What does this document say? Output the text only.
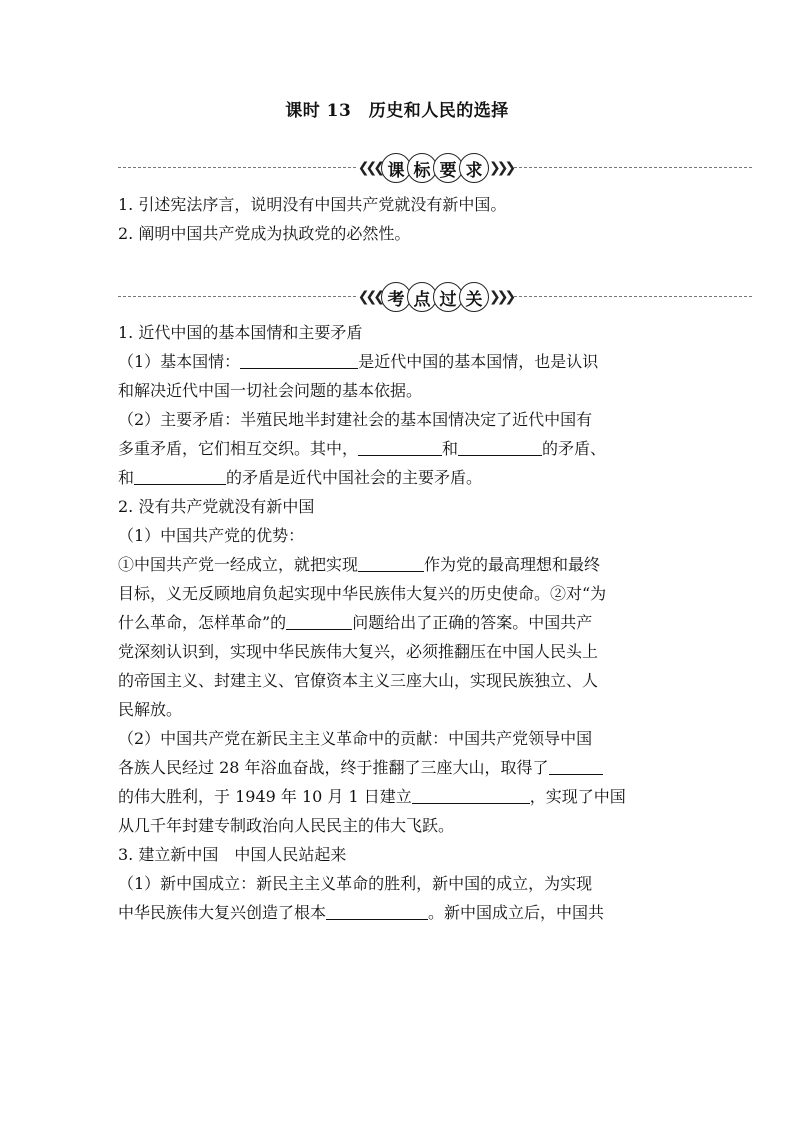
课时 13　历史和人民的选择
❮❮❮ 课 标 要 求 ❯❯❯

1. 引述宪法序言，说明没有中国共产党就没有新中国。

2. 阐明中国共产党成为执政党的必然性。

❮❮❮ 考 点 过 关 ❯❯❯

1. 近代中国的基本国情和主要矛盾

（1）基本国情：	是近代中国的基本国情，也是认识

和解决近代中国一切社会问题的基本依据。

（2）主要矛盾：半殖民地半封建社会的基本国情决定了近代中国有

多重矛盾，它们相互交织。其中，	和	的矛盾、

和	的矛盾是近代中国社会的主要矛盾。

2. 没有共产党就没有新中国

（1）中国共产党的优势：

①中国共产党一经成立，就把实现	作为党的最高理想和最终

目标，义无反顾地肩负起实现中华民族伟大复兴的历史使命。②对“为

什么革命，怎样革命”的	问题给出了正确的答案。中国共产

党深刻认识到，实现中华民族伟大复兴，必须推翻压在中国人民头上

的帝国主义、封建主义、官僚资本主义三座大山，实现民族独立、人

民解放。

（2）中国共产党在新民主主义革命中的贡献：中国共产党领导中国

各族人民经过 28 年浴血奋战，终于推翻了三座大山，取得了

的伟大胜利，于 1949 年 10 月 1 日建立	，实现了中国

从几千年封建专制政治向人民民主的伟大飞跃。

3. 建立新中国　中国人民站起来

（1）新中国成立：新民主主义革命的胜利，新中国的成立，为实现

中华民族伟大复兴创造了根本	。新中国成立后，中国共
